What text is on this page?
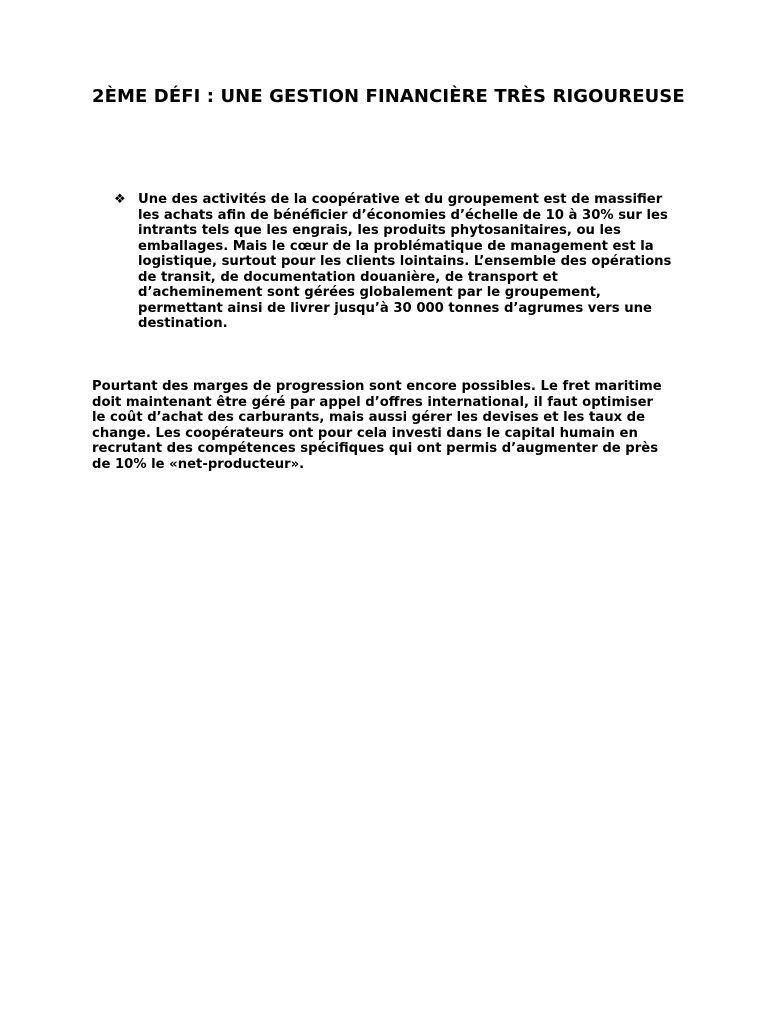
2ÈME DÉFI : UNE GESTION FINANCIÈRE TRÈS RIGOUREUSE
❖ Une des activités de la coopérative et du groupement est de massifier les achats afin de bénéficier d’économies d’échelle de 10 à 30% sur les intrants tels que les engrais, les produits phytosanitaires, ou les emballages. Mais le cœur de la problématique de management est la logistique, surtout pour les clients lointains. L’ensemble des opérations de transit, de documentation douanière, de transport et d’acheminement sont gérées globalement par le groupement, permettant ainsi de livrer jusqu’à 30 000 tonnes d’agrumes vers une destination.

Pourtant des marges de progression sont encore possibles. Le fret maritime doit maintenant être géré par appel d’offres international, il faut optimiser le coût d’achat des carburants, mais aussi gérer les devises et les taux de change. Les coopérateurs ont pour cela investi dans le capital humain en recrutant des compétences spécifiques qui ont permis d’augmenter de près de 10% le «net-producteur».
